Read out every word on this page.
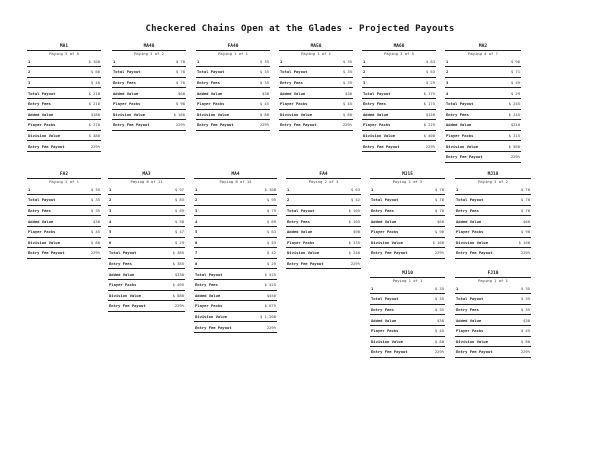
Checkered Chains Open at the Glades - Projected Payouts
MA1
Paying 3 of 5
1	$ 100
2	$ 60
3	$ 40
Total Payout	$ 210
Entry Fees	$ 210
Added Value	$180
Player Packs	$ 270
Division Value	$ 480
Entry Fee Payout	229%
MA40
Paying 1 of 2
1	$ 70
Total Payout	$ 70
Entry Fees	$ 70
Added Value	$60
Player Packs	$ 90
Division Value	$ 160
Entry Fee Payout	229%
FA40
Paying 1 of 1
1	$ 35
Total Payout	$ 35
Entry Fees	$ 35
Added Value	$30
Player Packs	$ 45
Division Value	$ 80
Entry Fee Payout	229%
MA50
Paying 1 of 1
1	$ 35
Total Payout	$ 35
Entry Fees	$ 35
Added Value	$30
Player Packs	$ 45
Division Value	$ 80
Entry Fee Payout	229%
MA60
Paying 3 of 5
1	$ 83
2	$ 63
3	$ 29
Total Payout	$ 175
Entry Fees	$ 175
Added Value	$150
Player Packs	$ 225
Division Value	$ 400
Entry Fee Payout	229%
MA2
Paying 4 of 7
1	$ 96
2	$ 71
3	$ 49
4	$ 29
Total Payout	$ 245
Entry Fees	$ 245
Added Value	$210
Player Packs	$ 315
Division Value	$ 560
Entry Fee Payout	229%
FA2
Paying 1 of 1
1	$ 35
Total Payout	$ 35
Entry Fees	$ 35
Added Value	$30
Player Packs	$ 45
Division Value	$ 80
Entry Fee Payout	229%
MA3
Paying 6 of 11
1	$ 97
2	$ 83
3	$ 69
4	$ 58
5	$ 47
6	$ 29
Total Payout	$ 385
Entry Fees	$ 385
Added Value	$330
Player Packs	$ 495
Division Value	$ 880
Entry Fee Payout	229%
MA4
Paying 8 of 15
1	$ 108
2	$ 95
3	$ 79
4	$ 69
5	$ 63
6	$ 53
7	$ 42
8	$ 29
Total Payout	$ 525
Entry Fees	$ 525
Added Value	$450
Player Packs	$ 675
Division Value	$ 1,200
Entry Fee Payout	229%
FA4
Paying 2 of 3
1	$ 63
2	$ 42
Total Payout	$ 105
Entry Fees	$ 105
Added Value	$90
Player Packs	$ 135
Division Value	$ 240
Entry Fee Payout	229%
MJ15
Paying 1 of 2
1	$ 70
Total Payout	$ 70
Entry Fees	$ 70
Added Value	$60
Player Packs	$ 90
Division Value	$ 160
Entry Fee Payout	229%
MJ18
Paying 1 of 2
1	$ 70
Total Payout	$ 70
Entry Fees	$ 70
Added Value	$60
Player Packs	$ 90
Division Value	$ 160
Entry Fee Payout	229%
MJ10
Paying 1 of 1
1	$ 35
Total Payout	$ 35
Entry Fees	$ 35
Added Value	$30
Player Packs	$ 45
Division Value	$ 80
Entry Fee Payout	229%
FJ10
Paying 1 of 1
1	$ 35
Total Payout	$ 35
Entry Fees	$ 35
Added Value	$30
Player Packs	$ 45
Division Value	$ 80
Entry Fee Payout	229%
